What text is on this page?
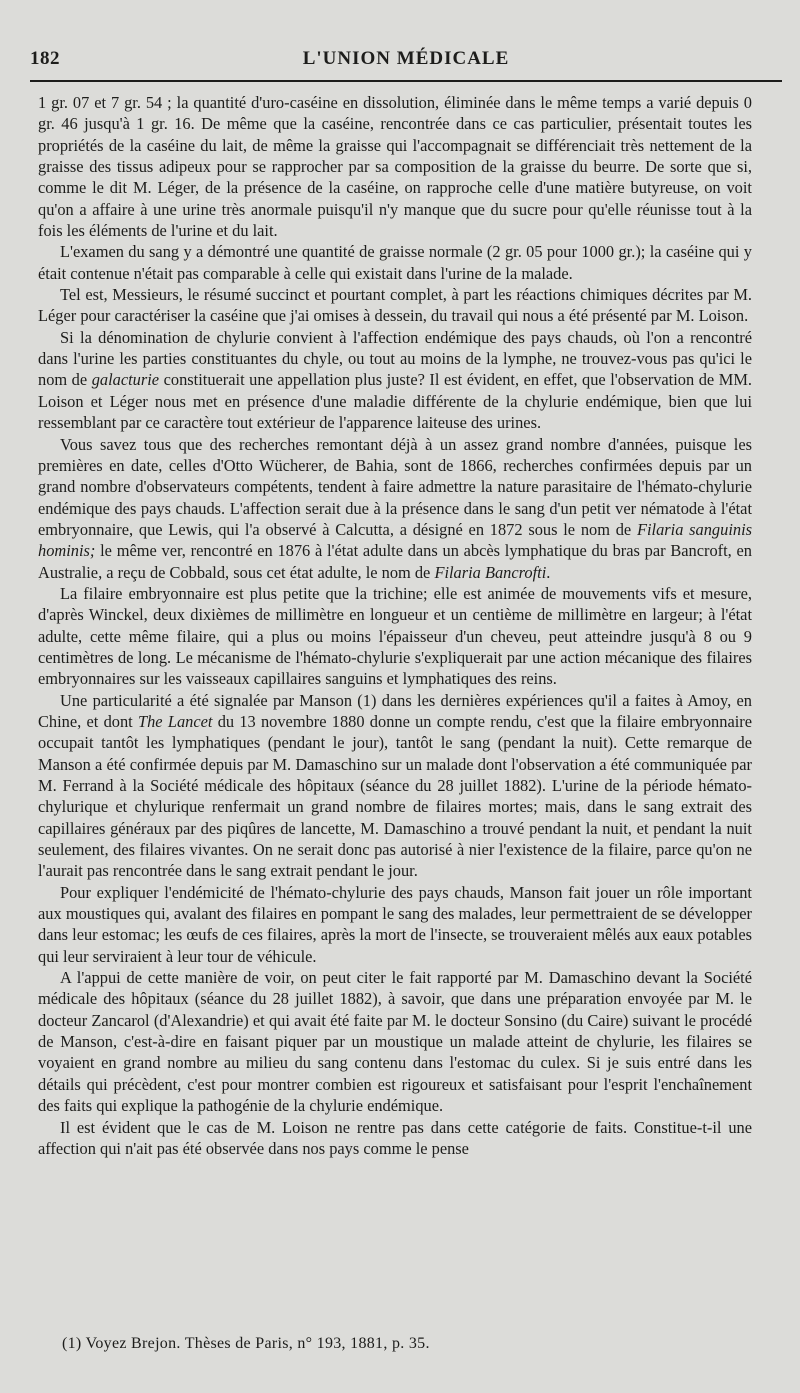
182	L'UNION MÉDICALE

1 gr. 07 et 7 gr. 54 ; la quantité d'uro-caséine en dissolution, éliminée dans le même temps a varié depuis 0 gr. 46 jusqu'à 1 gr. 16. De même que la caséine, rencontrée dans ce cas particulier, présentait toutes les propriétés de la caséine du lait, de même la graisse qui l'accompagnait se différenciait très nettement de la graisse des tissus adipeux pour se rapprocher par sa composition de la graisse du beurre. De sorte que si, comme le dit M. Léger, de la présence de la caséine, on rapproche celle d'une matière butyreuse, on voit qu'on a affaire à une urine très anormale puisqu'il n'y manque que du sucre pour qu'elle réunisse tout à la fois les éléments de l'urine et du lait.

L'examen du sang y a démontré une quantité de graisse normale (2 gr. 05 pour 1000 gr.); la caséine qui y était contenue n'était pas comparable à celle qui existait dans l'urine de la malade.

Tel est, Messieurs, le résumé succinct et pourtant complet, à part les réactions chimiques décrites par M. Léger pour caractériser la caséine que j'ai omises à dessein, du travail qui nous a été présenté par M. Loison.

Si la dénomination de chylurie convient à l'affection endémique des pays chauds, où l'on a rencontré dans l'urine les parties constituantes du chyle, ou tout au moins de la lymphe, ne trouvez-vous pas qu'ici le nom de galacturie constituerait une appellation plus juste? Il est évident, en effet, que l'observation de MM. Loison et Léger nous met en présence d'une maladie différente de la chylurie endémique, bien que lui ressemblant par ce caractère tout extérieur de l'apparence laiteuse des urines.

Vous savez tous que des recherches remontant déjà à un assez grand nombre d'années, puisque les premières en date, celles d'Otto Wücherer, de Bahia, sont de 1866, recherches confirmées depuis par un grand nombre d'observateurs compétents, tendent à faire admettre la nature parasitaire de l'hémato-chylurie endémique des pays chauds. L'affection serait due à la présence dans le sang d'un petit ver nématode à l'état embryonnaire, que Lewis, qui l'a observé à Calcutta, a désigné en 1872 sous le nom de Filaria sanguinis hominis; le même ver, rencontré en 1876 à l'état adulte dans un abcès lymphatique du bras par Bancroft, en Australie, a reçu de Cobbald, sous cet état adulte, le nom de Filaria Bancrofti.

La filaire embryonnaire est plus petite que la trichine; elle est animée de mouvements vifs et mesure, d'après Winckel, deux dixièmes de millimètre en longueur et un centième de millimètre en largeur; à l'état adulte, cette même filaire, qui a plus ou moins l'épaisseur d'un cheveu, peut atteindre jusqu'à 8 ou 9 centimètres de long. Le mécanisme de l'hémato-chylurie s'expliquerait par une action mécanique des filaires embryonnaires sur les vaisseaux capillaires sanguins et lymphatiques des reins.

Une particularité a été signalée par Manson (1) dans les dernières expériences qu'il a faites à Amoy, en Chine, et dont The Lancet du 13 novembre 1880 donne un compte rendu, c'est que la filaire embryonnaire occupait tantôt les lymphatiques (pendant le jour), tantôt le sang (pendant la nuit). Cette remarque de Manson a été confirmée depuis par M. Damaschino sur un malade dont l'observation a été communiquée par M. Ferrand à la Société médicale des hôpitaux (séance du 28 juillet 1882). L'urine de la période hémato-chylurique et chylurique renfermait un grand nombre de filaires mortes; mais, dans le sang extrait des capillaires généraux par des piqûres de lancette, M. Damaschino a trouvé pendant la nuit, et pendant la nuit seulement, des filaires vivantes. On ne serait donc pas autorisé à nier l'existence de la filaire, parce qu'on ne l'aurait pas rencontrée dans le sang extrait pendant le jour.

Pour expliquer l'endémicité de l'hémato-chylurie des pays chauds, Manson fait jouer un rôle important aux moustiques qui, avalant des filaires en pompant le sang des malades, leur permettraient de se développer dans leur estomac; les œufs de ces filaires, après la mort de l'insecte, se trouveraient mêlés aux eaux potables qui leur serviraient à leur tour de véhicule.

A l'appui de cette manière de voir, on peut citer le fait rapporté par M. Damaschino devant la Société médicale des hôpitaux (séance du 28 juillet 1882), à savoir, que dans une préparation envoyée par M. le docteur Zancarol (d'Alexandrie) et qui avait été faite par M. le docteur Sonsino (du Caire) suivant le procédé de Manson, c'est-à-dire en faisant piquer par un moustique un malade atteint de chylurie, les filaires se voyaient en grand nombre au milieu du sang contenu dans l'estomac du culex. Si je suis entré dans les détails qui précèdent, c'est pour montrer combien est rigoureux et satisfaisant pour l'esprit l'enchaînement des faits qui explique la pathogénie de la chylurie endémique.

Il est évident que le cas de M. Loison ne rentre pas dans cette catégorie de faits. Constitue-t-il une affection qui n'ait pas été observée dans nos pays comme le pense

(1) Voyez Brejon. Thèses de Paris, n° 193, 1881, p. 35.
